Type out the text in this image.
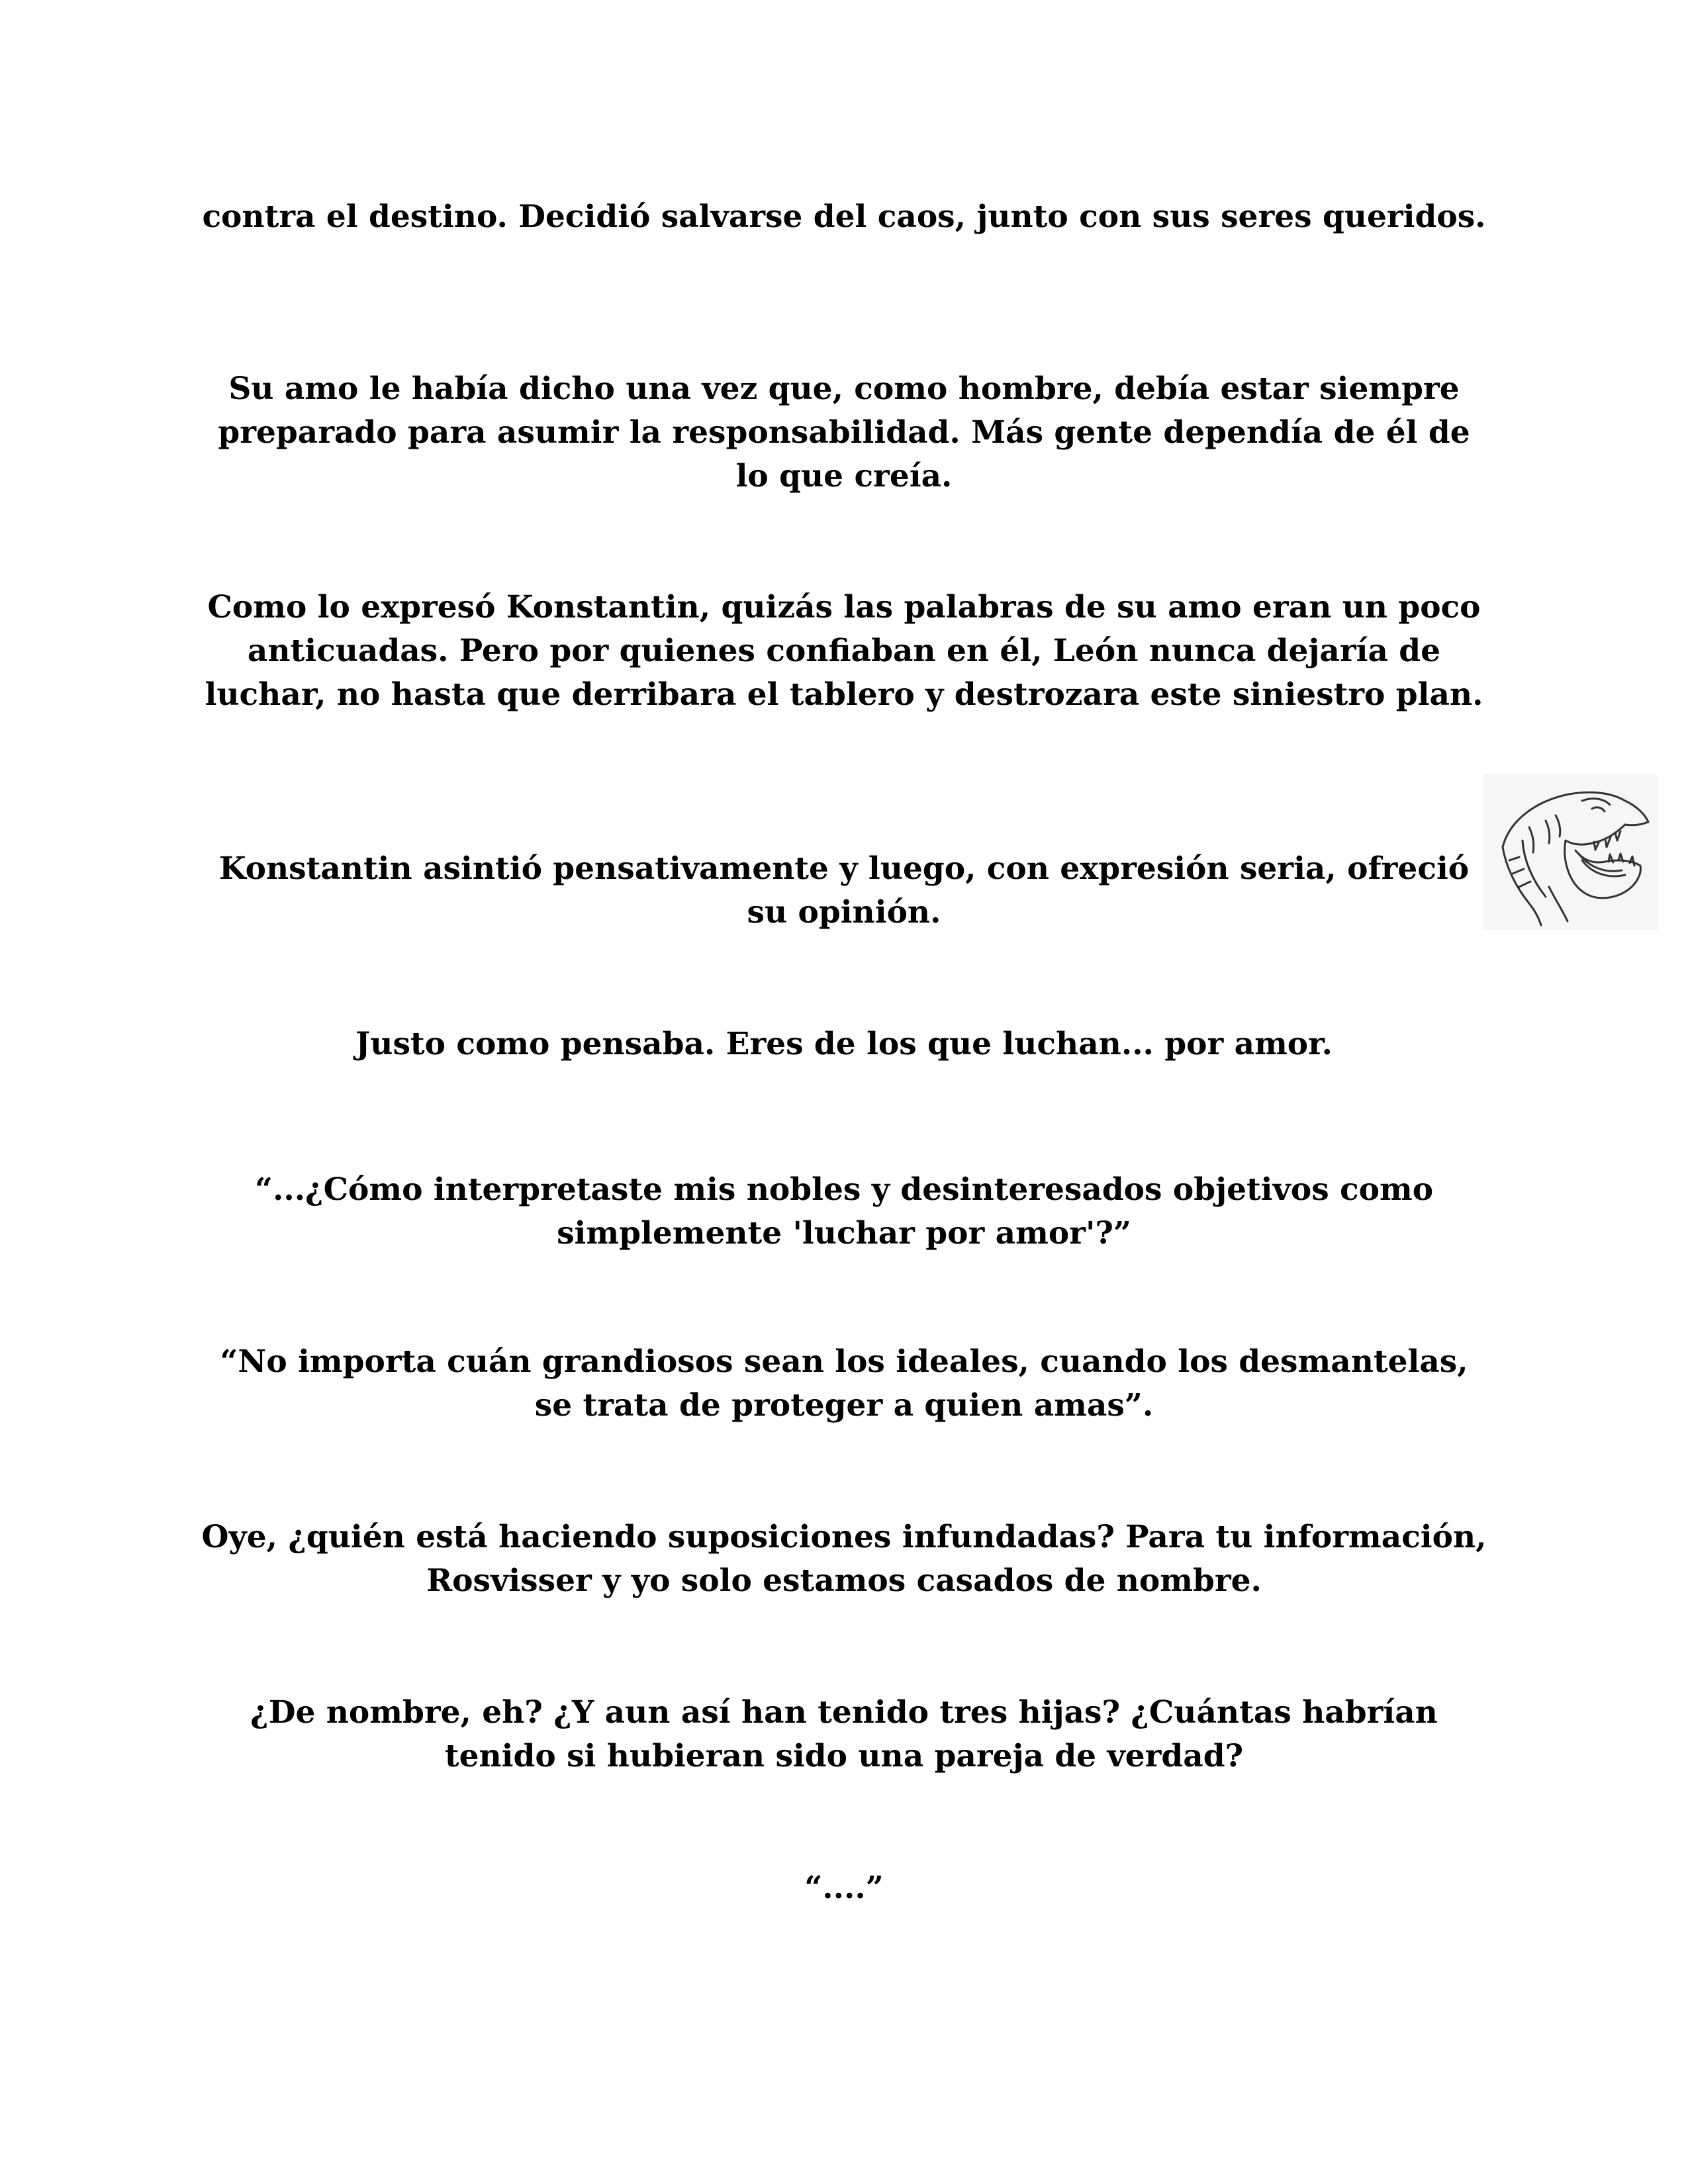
contra el destino. Decidió salvarse del caos, junto con sus seres queridos.

Su amo le había dicho una vez que, como hombre, debía estar siempre preparado para asumir la responsabilidad. Más gente dependía de él de lo que creía.

Como lo expresó Konstantin, quizás las palabras de su amo eran un poco anticuadas. Pero por quienes confiaban en él, León nunca dejaría de luchar, no hasta que derribara el tablero y destrozara este siniestro plan.

Konstantin asintió pensativamente y luego, con expresión seria, ofreció su opinión.

Justo como pensaba. Eres de los que luchan... por amor.

“...¿Cómo interpretaste mis nobles y desinteresados objetivos como simplemente 'luchar por amor'?”

“No importa cuán grandiosos sean los ideales, cuando los desmantelas, se trata de proteger a quien amas”.

Oye, ¿quién está haciendo suposiciones infundadas? Para tu información, Rosvisser y yo solo estamos casados de nombre.

¿De nombre, eh? ¿Y aun así han tenido tres hijas? ¿Cuántas habrían tenido si hubieran sido una pareja de verdad?

“....”
